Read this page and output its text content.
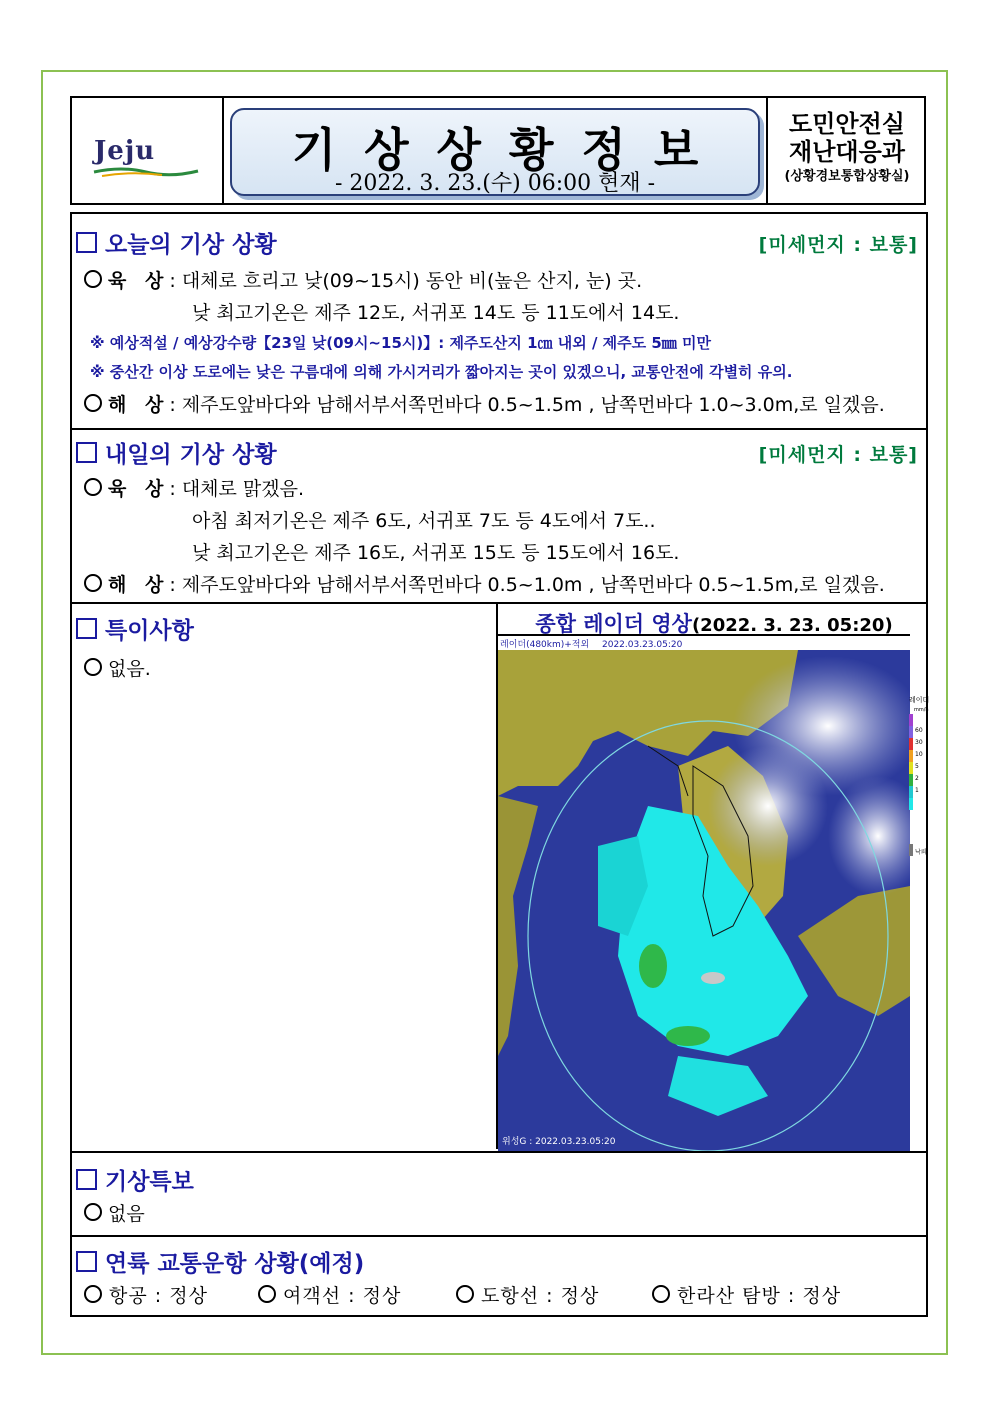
Jeju	기상상황정보
- 2022. 3. 23.(수) 06:00 현재 -
도민안전실
재난대응과
(상황경보통합상황실)
오늘의 기상 상황	[미세먼지 : 보통]
육 상: 대체로 흐리고 낮(09~15시) 동안 비(높은 산지, 눈) 곳.
낮 최고기온은 제주 12도, 서귀포 14도 등 11도에서 14도.
※ 예상적설 / 예상강수량【23일 낮(09시~15시)】: 제주도산지 1㎝ 내외 / 제주도 5㎜ 미만
※ 중산간 이상 도로에는 낮은 구름대에 의해 가시거리가 짧아지는 곳이 있겠으니, 교통안전에 각별히 유의.
해 상: 제주도앞바다와 남해서부서쪽먼바다 0.5~1.5m , 남쪽먼바다 1.0~3.0m,로 일겠음.
내일의 기상 상황	[미세먼지 : 보통]
육 상: 대체로 맑겠음.
아침 최저기온은 제주 6도, 서귀포 7도 등 4도에서 7도..
낮 최고기온은 제주 16도, 서귀포 15도 등 15도에서 16도.
해 상: 제주도앞바다와 남해서부서쪽먼바다 0.5~1.0m , 남쪽먼바다 0.5~1.5m,로 일겠음.
특이사항
없음.
종합 레이더 영상(2022. 3. 23. 05:20)
레이더(480km)+적외 2022.03.23.05:20
위성G : 2022.03.23.05:20
레이더
mm/h
60
30
10
5
2
1
낙뢰
기상특보
없음
연륙 교통운항 상황(예정)
항공 : 정상	여객선 : 정상	도항선 : 정상	한라산 탐방 : 정상
